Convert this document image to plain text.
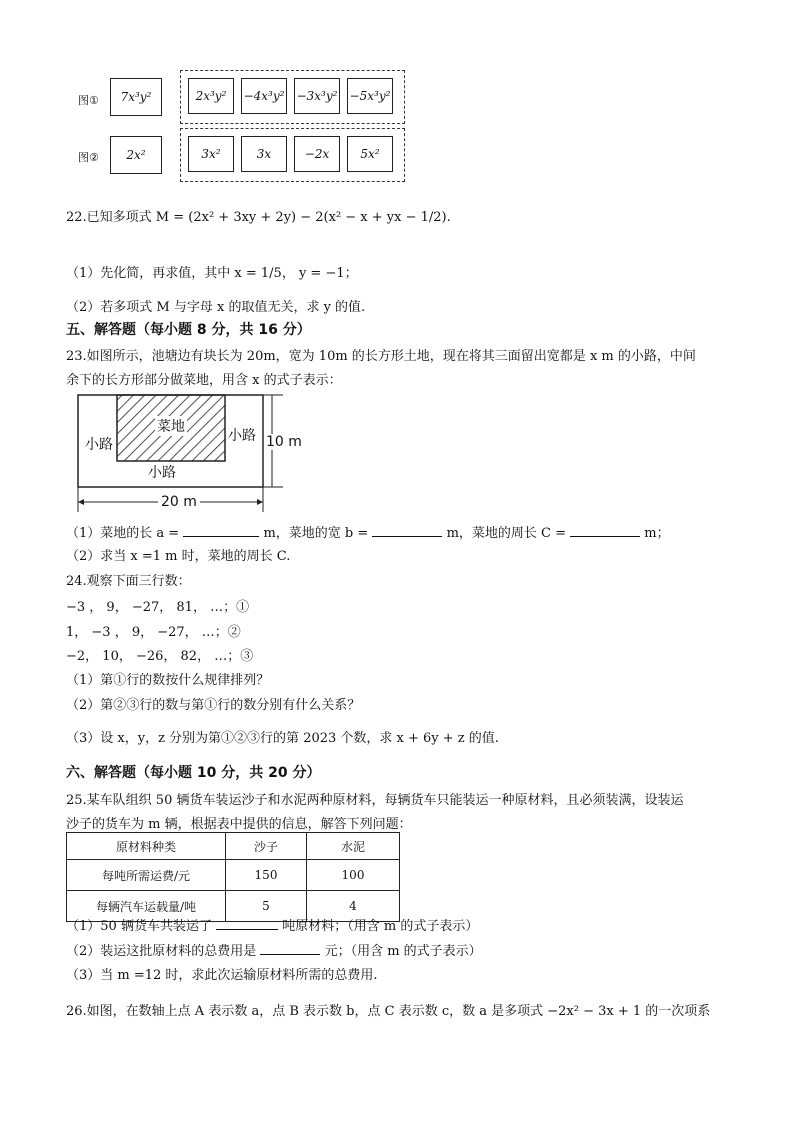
图①	7x³y²	2x³y²	−4x³y² −3x³y² −5x³y²
图②	2x²	3x²	3x	−2x	5x²
22.已知多项式 M = (2x² + 3xy + 2y) − 2(x² − x + yx − 1/2).
（1）先化简，再求值，其中 x = 1/5， y = −1；
（2）若多项式 M 与字母 x 的取值无关，求 y 的值.
五、解答题（每小题 8 分，共 16 分）
23.如图所示，池塘边有块长为 20m，宽为 10m 的长方形土地，现在将其三面留出宽都是 x m 的小路，中间
余下的长方形部分做菜地，用含 x 的式子表示：
菜地
小路
小路
小路
10 m
20 m
（1）菜地的长 a =	m，菜地的宽 b =	m，菜地的周长 C =	m；
（2）求当 x =1 m 时，菜地的周长 C.
24.观察下面三行数：
−3 ， 9， −27， 81， …；①
1， −3 ， 9， −27， …；②
−2， 10， −26， 82， …；③
（1）第①行的数按什么规律排列？
（2）第②③行的数与第①行的数分别有什么关系？
（3）设 x，y，z 分别为第①②③行的第 2023 个数，求 x + 6y + z 的值.
六、解答题（每小题 10 分，共 20 分）
25.某车队组织 50 辆货车装运沙子和水泥两种原材料，每辆货车只能装运一种原材料，且必须装满，设装运
沙子的货车为 m 辆，根据表中提供的信息，解答下列问题：
原材料种类	沙子	水泥
每吨所需运费/元	150	100
每辆汽车运载量/吨	5	4
（1）50 辆货车共装运了	吨原材料；（用含 m 的式子表示）
（2）装运这批原材料的总费用是	元；（用含 m 的式子表示）
（3）当 m =12 时，求此次运输原材料所需的总费用.
26.如图，在数轴上点 A 表示数 a，点 B 表示数 b，点 C 表示数 c，数 a 是多项式 −2x² − 3x + 1 的一次项系
